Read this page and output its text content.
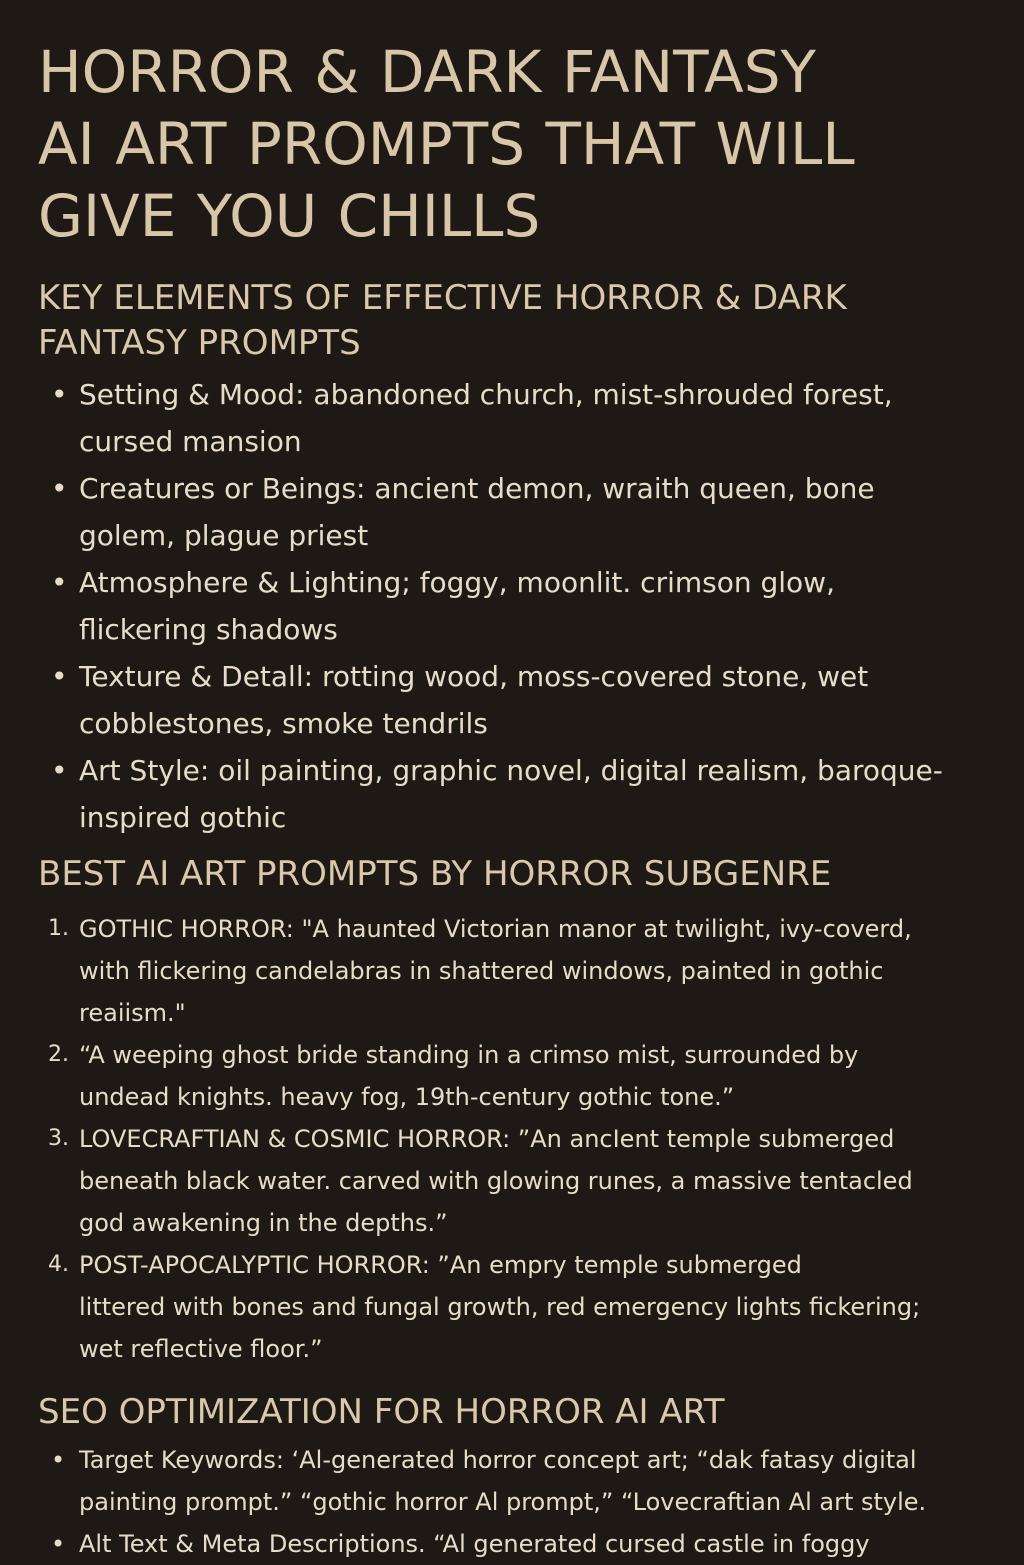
HORROR & DARK FANTASY
AI ART PROMPTS THAT WILL
GIVE YOU CHILLS
KEY ELEMENTS OF EFFECTIVE HORROR & DARK
FANTASY PROMPTS
• Setting & Mood: abandoned church, mist-shrouded forest,
cursed mansion
• Creatures or Beings: ancient demon, wraith queen, bone
golem, plague priest
• Atmosphere & Lighting; foggy, moonlit. crimson glow,
flickering shadows
• Texture & Detall: rotting wood, moss-covered stone, wet
cobblestones, smoke tendrils
• Art Style: oil painting, graphic novel, digital realism, baroque-
inspired gothic
BEST AI ART PROMPTS BY HORROR SUBGENRE
1. GOTHIC HORROR: "A haunted Victorian manor at twilight, ivy-coverd,
with flickering candelabras in shattered windows, painted in gothic
reaiism."
2. “A weeping ghost bride standing in a crimso mist, surrounded by
undead knights. heavy fog, 19th-century gothic tone.”
3. LOVECRAFTIAN & COSMIC HORROR: ”An ancIent temple submerged
beneath black water. carved with glowing runes, a massive tentacled
god awakening in the depths.”
4. POST-APOCALYPTIC HORROR: ”An empry temple submerged
littered with bones and fungal growth, red emergency lights fickering;
wet reflective floor.”
SEO OPTIMIZATION FOR HORROR AI ART
• Target Keywords: ‘Al-generated horror concept art; “dak fatasy digital
painting prompt.” “gothic horror Al prompt,” “Lovecraftian Al art style.
• Alt Text & Meta Descriptions. “Al generated cursed castle in foggy
